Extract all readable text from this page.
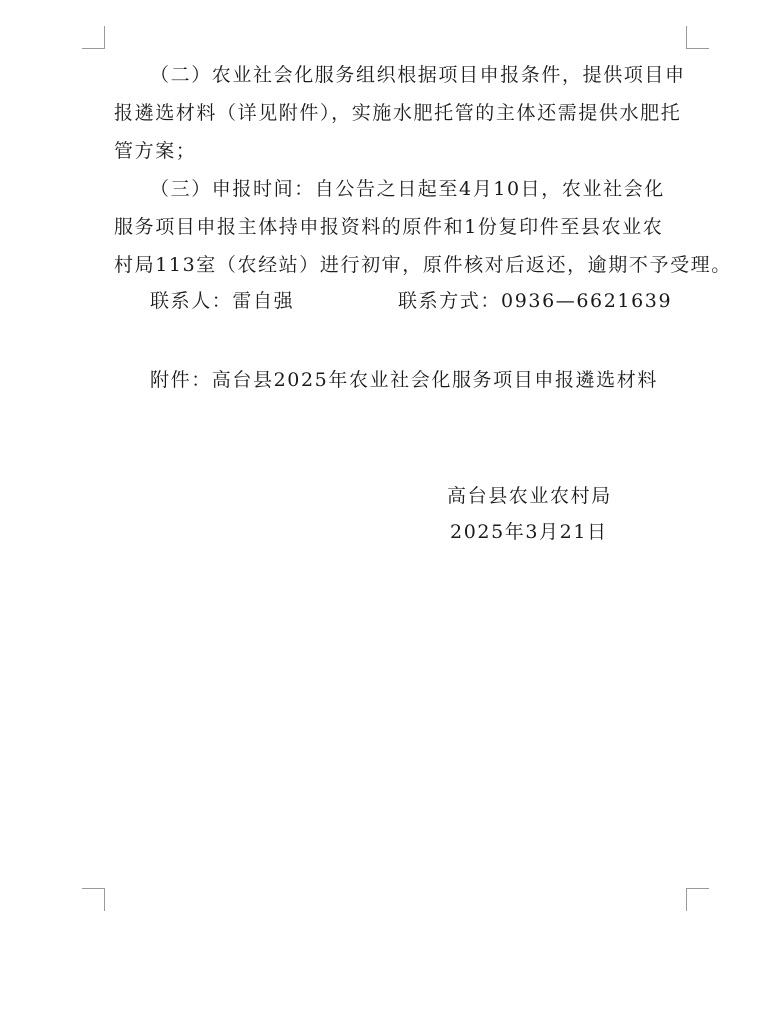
（二）农业社会化服务组织根据项目申报条件，提供项目申
报遴选材料（详见附件），实施水肥托管的主体还需提供水肥托
管方案；
（三）申报时间：自公告之日起至4月10日，农业社会化
服务项目申报主体持申报资料的原件和1份复印件至县农业农
村局113室（农经站）进行初审，原件核对后返还，逾期不予受理。
联系人：雷自强	联系方式：0936—6621639
附件：高台县2025年农业社会化服务项目申报遴选材料
高台县农业农村局
2025年3月21日
